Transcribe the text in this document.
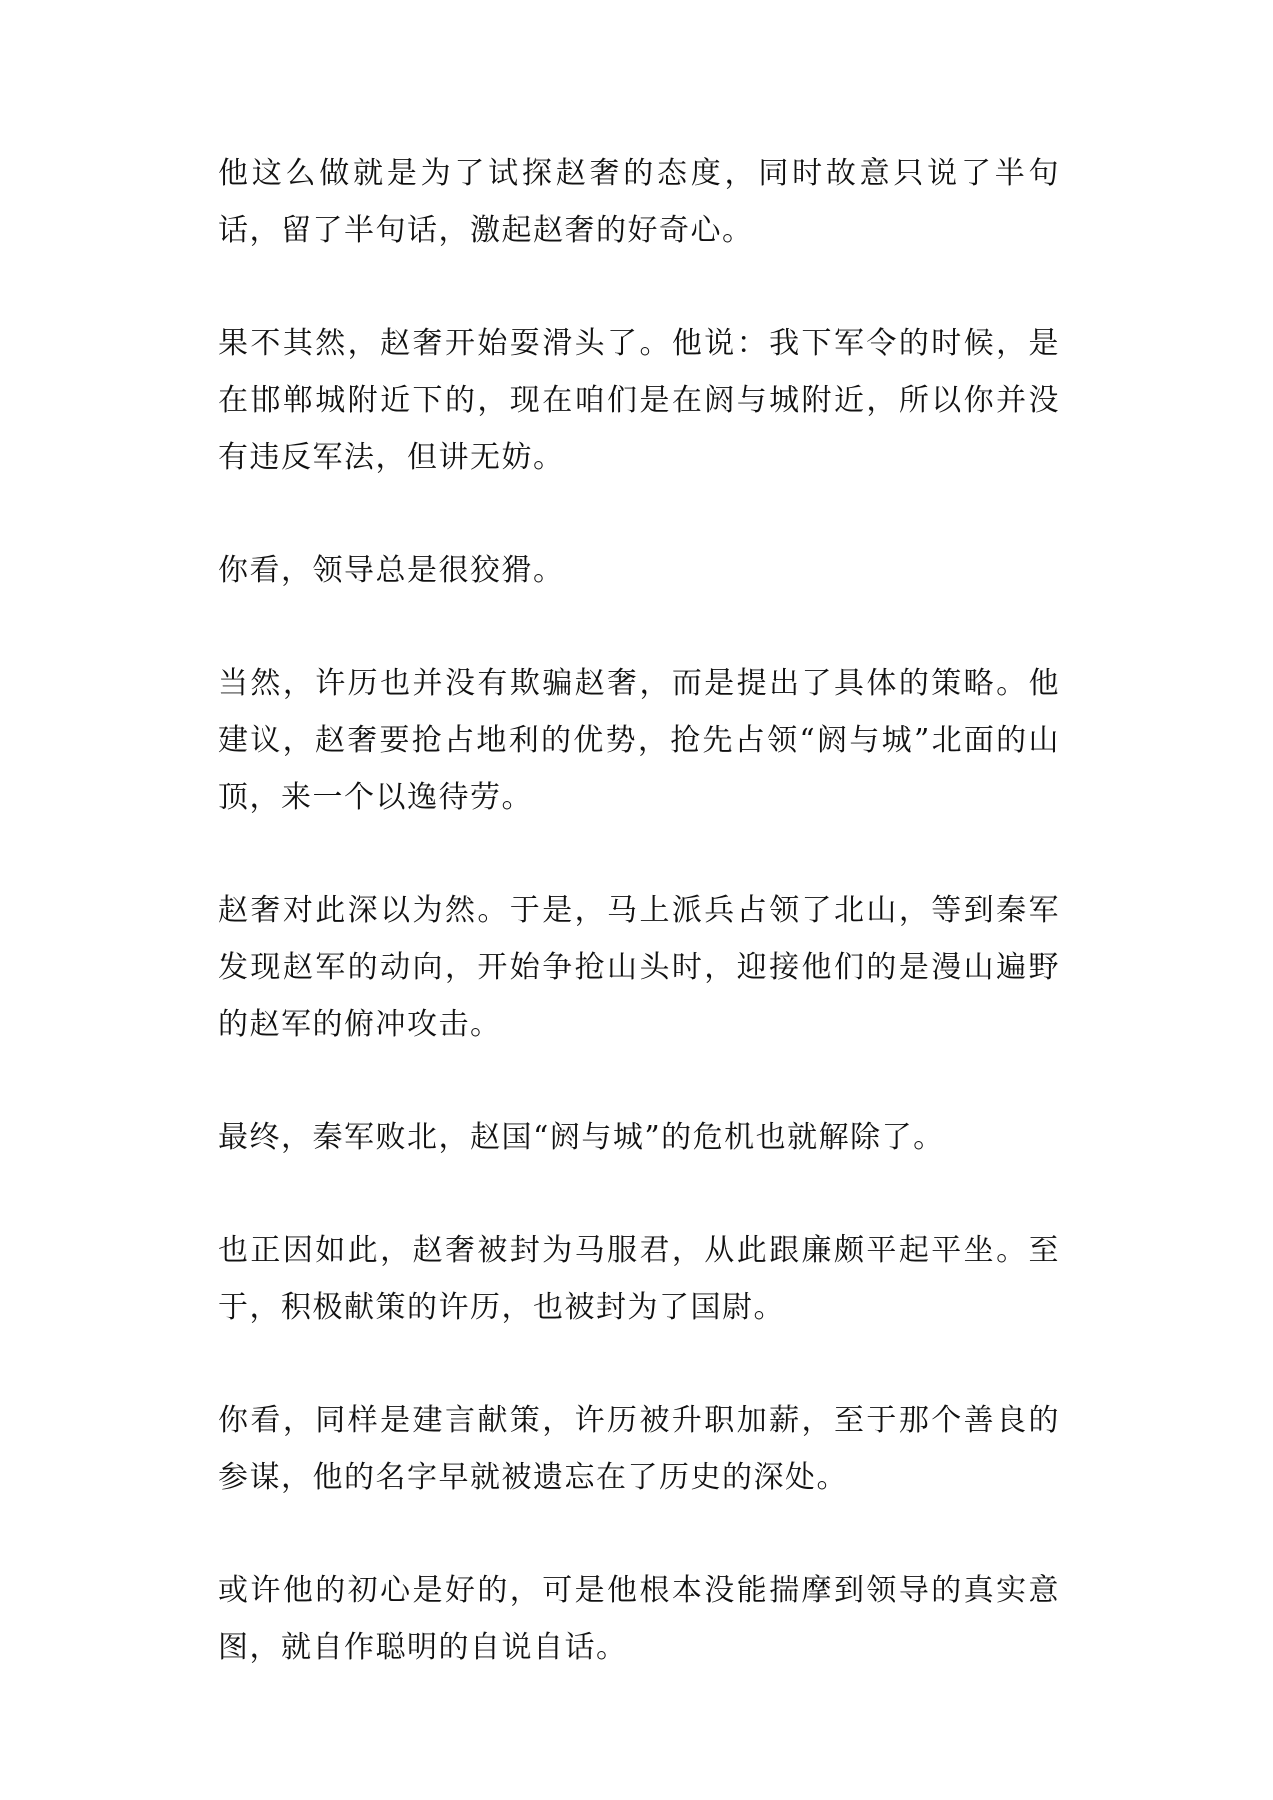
他这么做就是为了试探赵奢的态度，同时故意只说了半句话，留了半句话，激起赵奢的好奇心。

果不其然，赵奢开始耍滑头了。他说：我下军令的时候，是在邯郸城附近下的，现在咱们是在阏与城附近，所以你并没有违反军法，但讲无妨。

你看，领导总是很狡猾。

当然，许历也并没有欺骗赵奢，而是提出了具体的策略。他建议，赵奢要抢占地利的优势，抢先占领“阏与城”北面的山顶，来一个以逸待劳。

赵奢对此深以为然。于是，马上派兵占领了北山，等到秦军发现赵军的动向，开始争抢山头时，迎接他们的是漫山遍野的赵军的俯冲攻击。

最终，秦军败北，赵国“阏与城”的危机也就解除了。

也正因如此，赵奢被封为马服君，从此跟廉颇平起平坐。至于，积极献策的许历，也被封为了国尉。

你看，同样是建言献策，许历被升职加薪，至于那个善良的参谋，他的名字早就被遗忘在了历史的深处。

或许他的初心是好的，可是他根本没能揣摩到领导的真实意图，就自作聪明的自说自话。
